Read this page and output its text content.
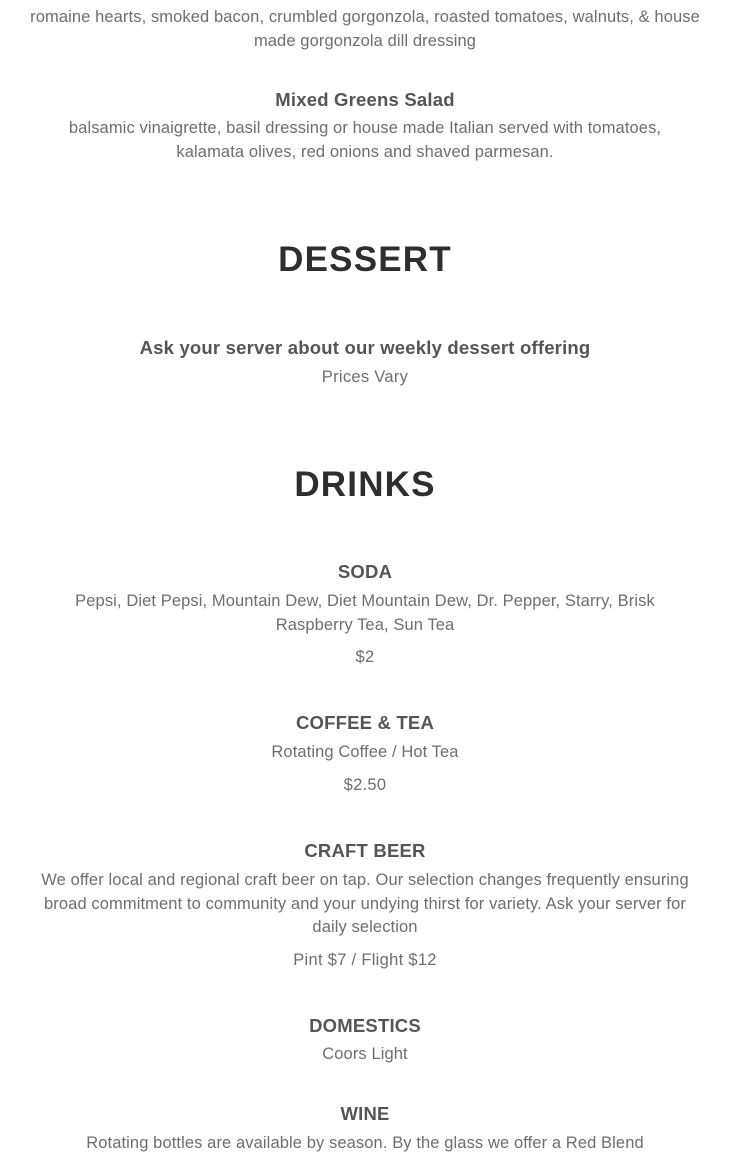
romaine hearts, smoked bacon, crumbled gorgonzola, roasted tomatoes, walnuts, & house made gorgonzola dill dressing

Mixed Greens Salad

balsamic vinaigrette, basil dressing or house made Italian served with tomatoes, kalamata olives, red onions and shaved parmesan.

DESSERT
Ask your server about our weekly dessert offering
Prices Vary
DRINKS
SODA

Pepsi, Diet Pepsi, Mountain Dew, Diet Mountain Dew, Dr. Pepper, Starry, Brisk Raspberry Tea, Sun Tea

$2
COFFEE & TEA

Rotating Coffee / Hot Tea

$2.50
CRAFT BEER

We offer local and regional craft beer on tap. Our selection changes frequently ensuring broad commitment to community and your undying thirst for variety. Ask your server for daily selection

Pint $7 / Flight $12
DOMESTICS

Coors Light

WINE

Rotating bottles are available by season. By the glass we offer a Red Blend
